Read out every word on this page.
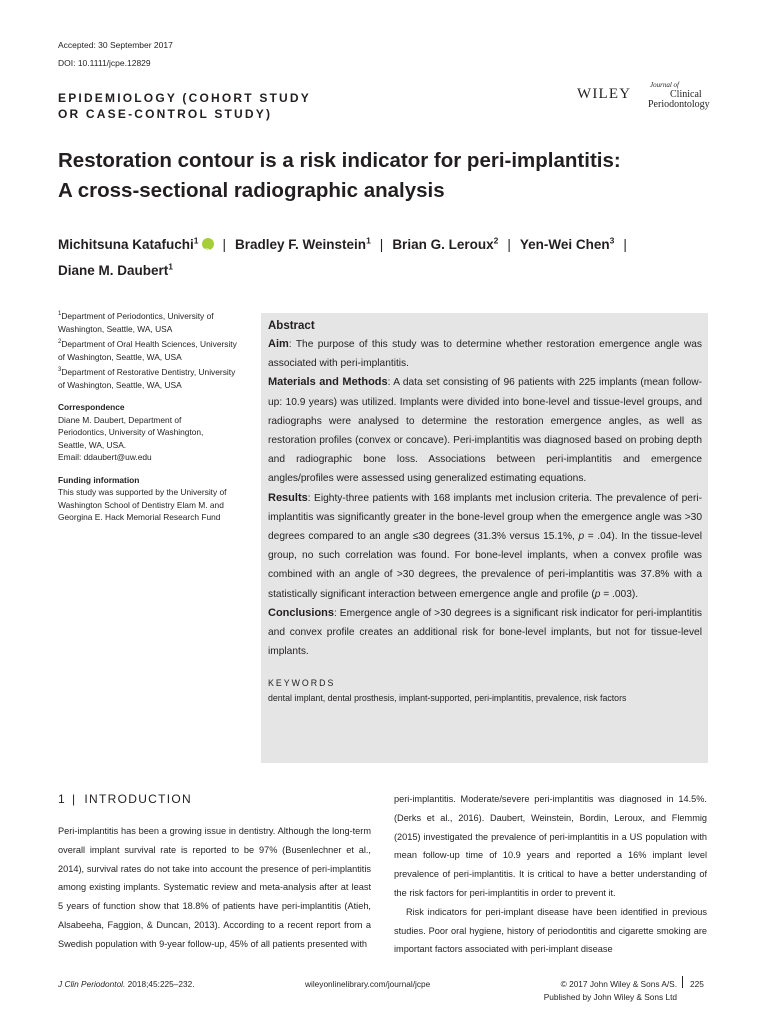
Accepted: 30 September 2017
DOI: 10.1111/jcpe.12829
EPIDEMIOLOGY (COHORT STUDY
OR CASE-CONTROL STUDY)
WILEY
Journal of
Clinical
Periodontology
Restoration contour is a risk indicator for peri-implantitis:
A cross-sectional radiographic analysis
Michitsuna Katafuchi$^1$iD | Bradley F. Weinstein$^1$ | Brian G. Leroux$^2$ | Yen-Wei Chen$^3$ |
Diane M. Daubert$^1$
$^1$Department of Periodontics, University of Washington, Seattle, WA, USA
$^2$Department of Oral Health Sciences, University of Washington, Seattle, WA, USA
$^3$Department of Restorative Dentistry, University of Washington, Seattle, WA, USA
Correspondence
Diane M. Daubert, Department of
Periodontics, University of Washington,
Seattle, WA, USA.
Email: ddaubert@uw.edu
Funding information
This study was supported by the University of Washington School of Dentistry Elam M. and Georgina E. Hack Memorial Research Fund
Abstract

Aim: The purpose of this study was to determine whether restoration emergence angle was associated with peri-implantitis.

Materials and Methods: A data set consisting of 96 patients with 225 implants (mean follow-up: 10.9 years) was utilized. Implants were divided into bone-level and tissue-level groups, and radiographs were analysed to determine the restoration emergence angles, as well as restoration profiles (convex or concave). Peri-implantitis was diagnosed based on probing depth and radiographic bone loss. Associations between peri-implantitis and emergence angles/profiles were assessed using generalized estimating equations.

Results: Eighty-three patients with 168 implants met inclusion criteria. The prevalence of peri-implantitis was significantly greater in the bone-level group when the emergence angle was >30 degrees compared to an angle ≤30 degrees (31.3% versus 15.1%, p = .04). In the tissue-level group, no such correlation was found. For bone-level implants, when a convex profile was combined with an angle of >30 degrees, the prevalence of peri-implantitis was 37.8% with a statistically significant interaction between emergence angle and profile (p = .003).

Conclusions: Emergence angle of >30 degrees is a significant risk indicator for peri-implantitis and convex profile creates an additional risk for bone-level implants, but not for tissue-level implants.

KEYWORDS
dental implant, dental prosthesis, implant-supported, peri-implantitis, prevalence, risk factors
1 | INTRODUCTION

Peri-implantitis has been a growing issue in dentistry. Although the long-term overall implant survival rate is reported to be 97% (Busenlechner et al., 2014), survival rates do not take into account the presence of peri-implantitis among existing implants. Systematic review and meta-analysis after at least 5 years of function show that 18.8% of patients have peri-implantitis (Atieh, Alsabeeha, Faggion, & Duncan, 2013). According to a recent report from a Swedish population with 9-year follow-up, 45% of all patients presented with

peri-implantitis. Moderate/severe peri-implantitis was diagnosed in 14.5%. (Derks et al., 2016). Daubert, Weinstein, Bordin, Leroux, and Flemmig (2015) investigated the prevalence of peri-implantitis in a US population with mean follow-up time of 10.9 years and reported a 16% implant level prevalence of peri-implantitis. It is critical to have a better understanding of the risk factors for peri-implantitis in order to prevent it.

Risk indicators for peri-implant disease have been identified in previous studies. Poor oral hygiene, history of periodontitis and cigarette smoking are important factors associated with peri-implant disease

J Clin Periodontol. 2018;45:225–232.	wileyonlinelibrary.com/journal/jcpe	© 2017 John Wiley & Sons A/S.
Published by John Wiley & Sons Ltd
225
